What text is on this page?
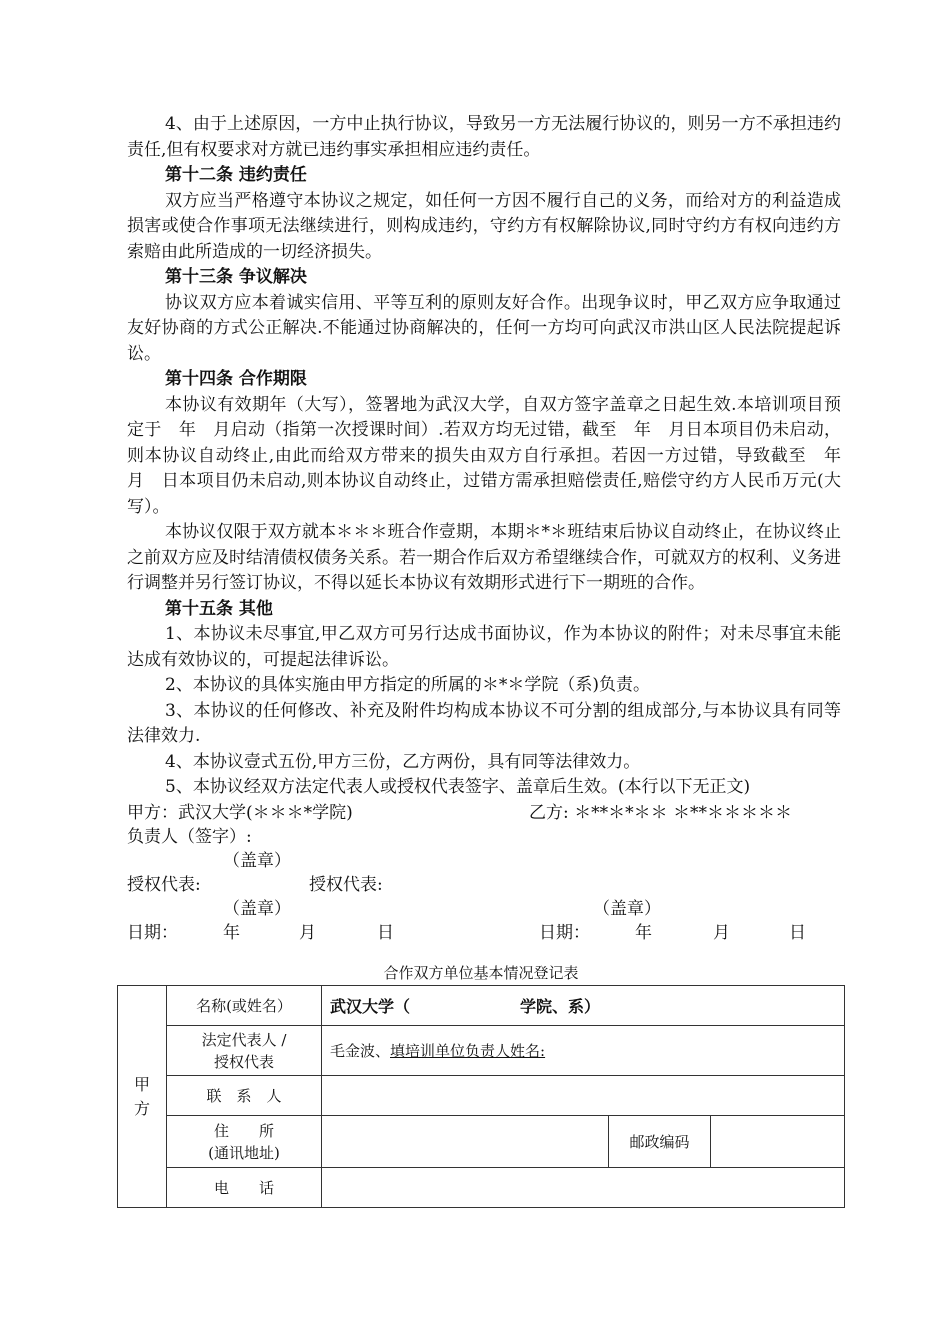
4、由于上述原因，一方中止执行协议，导致另一方无法履行协议的，则另一方不承担违约责任,但有权要求对方就已违约事实承担相应违约责任。

第十二条 违约责任

双方应当严格遵守本协议之规定，如任何一方因不履行自己的义务，而给对方的利益造成损害或使合作事项无法继续进行，则构成违约，守约方有权解除协议,同时守约方有权向违约方索赔由此所造成的一切经济损失。

第十三条 争议解决

协议双方应本着诚实信用、平等互利的原则友好合作。出现争议时，甲乙双方应争取通过友好协商的方式公正解决.不能通过协商解决的，任何一方均可向武汉市洪山区人民法院提起诉讼。

第十四条 合作期限

本协议有效期年（大写），签署地为武汉大学，自双方签字盖章之日起生效.本培训项目预定于　年　月启动（指第一次授课时间）.若双方均无过错，截至　年　月日本项目仍未启动，则本协议自动终止,由此而给双方带来的损失由双方自行承担。若因一方过错，导致截至　年　月　日本项目仍未启动,则本协议自动终止，过错方需承担赔偿责任,赔偿守约方人民币万元(大写）。

本协议仅限于双方就本＊＊＊班合作壹期，本期＊*＊班结束后协议自动终止，在协议终止之前双方应及时结清债权债务关系。若一期合作后双方希望继续合作，可就双方的权利、义务进行调整并另行签订协议，不得以延长本协议有效期形式进行下一期班的合作。

第十五条 其他

1、本协议未尽事宜,甲乙双方可另行达成书面协议，作为本协议的附件；对未尽事宜未能达成有效协议的，可提起法律诉讼。

2、本协议的具体实施由甲方指定的所属的＊*＊学院（系)负责。

3、本协议的任何修改、补充及附件均构成本协议不可分割的组成部分,与本协议具有同等法律效力.

4、本协议壹式五份,甲方三份，乙方两份，具有同等法律效力。

5、本协议经双方法定代表人或授权代表签字、盖章后生效。(本行以下无正文)

甲方：武汉大学(＊＊＊*学院)	乙方: ＊**＊*＊＊ ＊**＊＊＊＊＊
负责人（签字）:
（盖章）
授权代表:	授权代表:
（盖章）	（盖章）
日期：	年	月	日	日期：	年	月	日
合作双方单位基本情况登记表
甲
方	名称(或姓名）	武汉大学（ 学院、系）		

	法定代表人 /
授权代表	毛金波、填培训单位负责人姓名:		
	联　系　人			

	住　　所
(通讯地址)		邮政编码	
	电　　话			
